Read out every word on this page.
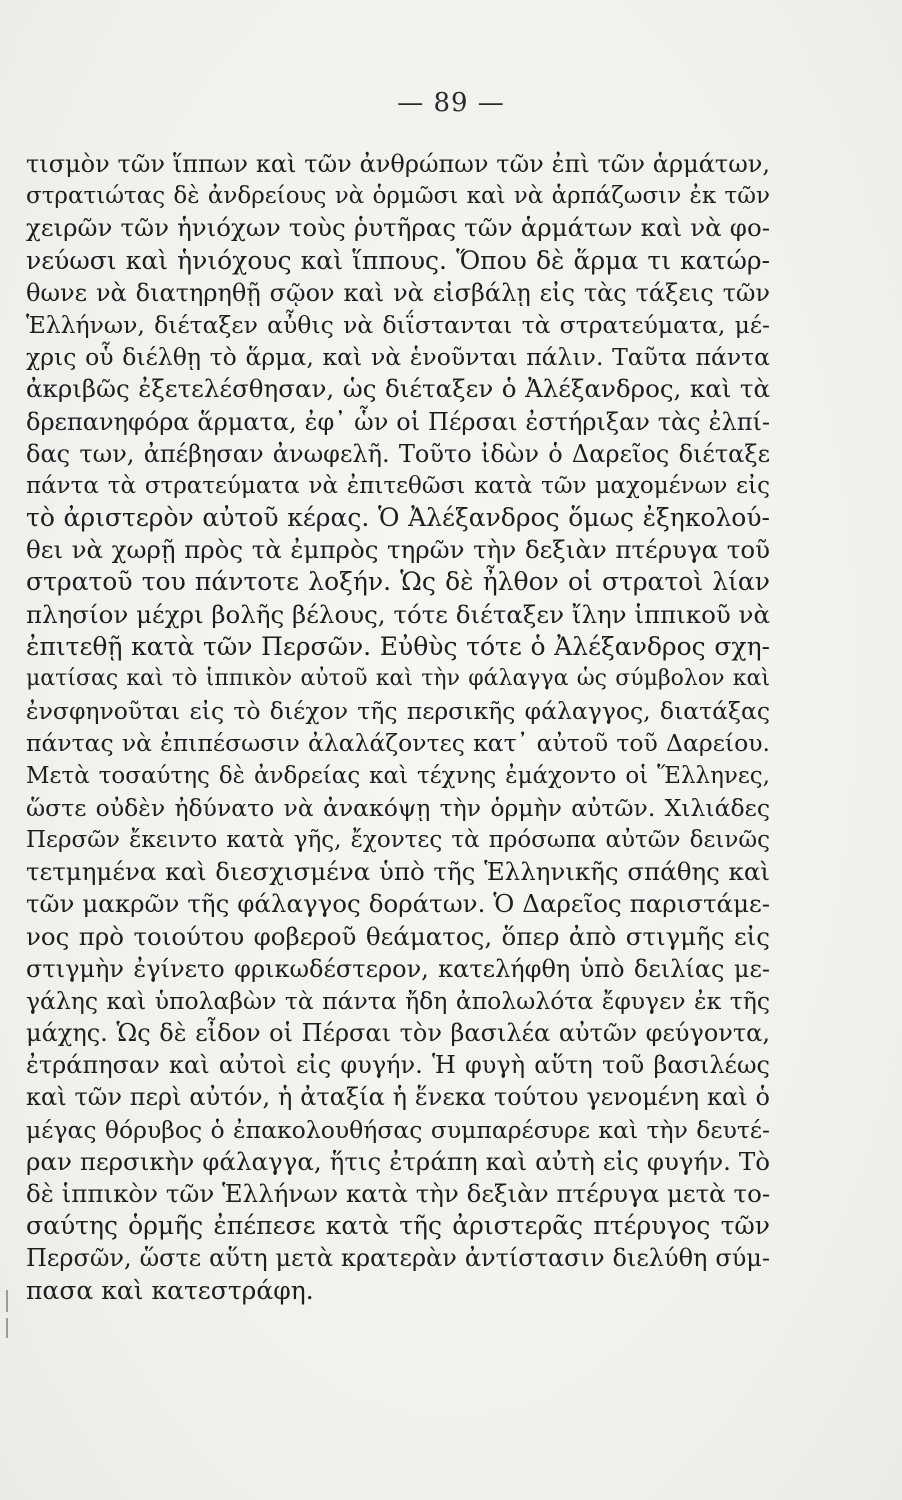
— 89 —
τισμὸν τῶν ἵππων καὶ τῶν ἀνθρώπων τῶν ἐπὶ τῶν ἁρμάτων,
στρατιώτας δὲ ἀνδρείους νὰ ὁρμῶσι καὶ νὰ ἁρπάζωσιν ἐκ τῶν
χειρῶν τῶν ἡνιόχων τοὺς ῥυτῆρας τῶν ἁρμάτων καὶ νὰ φο-
νεύωσι καὶ ἡνιόχους καὶ ἵππους. Ὅπου δὲ ἅρμα τι κατώρ-
θωνε νὰ διατηρηθῇ σῷον καὶ νὰ εἰσβάλῃ εἰς τὰς τάξεις τῶν
Ἑλλήνων, διέταξεν αὖθις νὰ διΐστανται τὰ στρατεύματα, μέ-
χρις οὗ διέλθῃ τὸ ἅρμα, καὶ νὰ ἑνοῦνται πάλιν. Ταῦτα πάντα
ἀκριβῶς ἐξετελέσθησαν, ὡς διέταξεν ὁ Ἀλέξανδρος, καὶ τὰ
δρεπανηφόρα ἅρματα, ἐφ᾽ ὧν οἱ Πέρσαι ἐστήριξαν τὰς ἐλπί-
δας των, ἀπέβησαν ἀνωφελῆ. Τοῦτο ἰδὼν ὁ Δαρεῖος διέταξε
πάντα τὰ στρατεύματα νὰ ἐπιτεθῶσι κατὰ τῶν μαχομένων εἰς
τὸ ἀριστερὸν αὐτοῦ κέρας. Ὁ Ἀλέξανδρος ὅμως ἐξηκολού-
θει νὰ χωρῇ πρὸς τὰ ἐμπρὸς τηρῶν τὴν δεξιὰν πτέρυγα τοῦ
στρατοῦ του πάντοτε λοξήν. Ὡς δὲ ἦλθον οἱ στρατοὶ λίαν
πλησίον μέχρι βολῆς βέλους, τότε διέταξεν ἴλην ἱππικοῦ νὰ
ἐπιτεθῇ κατὰ τῶν Περσῶν. Εὐθὺς τότε ὁ Ἀλέξανδρος σχη-
ματίσας καὶ τὸ ἱππικὸν αὐτοῦ καὶ τὴν φάλαγγα ὡς σύμβολον καὶ
ἐνσφηνοῦται εἰς τὸ διέχον τῆς περσικῆς φάλαγγος, διατάξας
πάντας νὰ ἐπιπέσωσιν ἀλαλάζοντες κατ᾽ αὐτοῦ τοῦ Δαρείου.
Μετὰ τοσαύτης δὲ ἀνδρείας καὶ τέχνης ἐμάχοντο οἱ Ἕλληνες,
ὥστε οὐδὲν ἠδύνατο νὰ ἀνακόψῃ τὴν ὁρμὴν αὐτῶν. Χιλιάδες
Περσῶν ἔκειντο κατὰ γῆς, ἔχοντες τὰ πρόσωπα αὐτῶν δεινῶς
τετμημένα καὶ διεσχισμένα ὑπὸ τῆς Ἑλληνικῆς σπάθης καὶ
τῶν μακρῶν τῆς φάλαγγος δοράτων. Ὁ Δαρεῖος παριστάμε-
νος πρὸ τοιούτου φοβεροῦ θεάματος, ὅπερ ἀπὸ στιγμῆς εἰς
στιγμὴν ἐγίνετο φρικωδέστερον, κατελήφθη ὑπὸ δειλίας με-
γάλης καὶ ὑπολαβὼν τὰ πάντα ἤδη ἀπολωλότα ἔφυγεν ἐκ τῆς
μάχης. Ὡς δὲ εἶδον οἱ Πέρσαι τὸν βασιλέα αὐτῶν φεύγοντα,
ἐτράπησαν καὶ αὐτοὶ εἰς φυγήν. Ἡ φυγὴ αὕτη τοῦ βασιλέως
καὶ τῶν περὶ αὐτόν, ἡ ἀταξία ἡ ἕνεκα τούτου γενομένη καὶ ὁ
μέγας θόρυβος ὁ ἐπακολουθήσας συμπαρέσυρε καὶ τὴν δευτέ-
ραν περσικὴν φάλαγγα, ἥτις ἐτράπη καὶ αὐτὴ εἰς φυγήν. Τὸ
δὲ ἱππικὸν τῶν Ἑλλήνων κατὰ τὴν δεξιὰν πτέρυγα μετὰ το-
σαύτης ὁρμῆς ἐπέπεσε κατὰ τῆς ἀριστερᾶς πτέρυγος τῶν
Περσῶν, ὥστε αὕτη μετὰ κρατερὰν ἀντίστασιν διελύθη σύμ-
πασα καὶ κατεστράφη.
